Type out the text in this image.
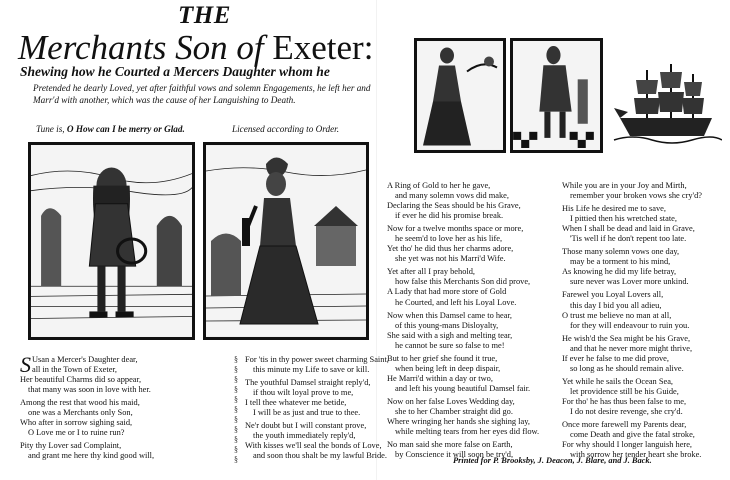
THE
Merchants Son of Exeter:
Shewing how he Courted a Mercers Daughter whom he
Pretended he dearly Loved, yet after faithful vows and solemn Engagements, he left her and Marr'd with another, which was the cause of her Languishing to Death.
Tune is, O How can I be merry or Glad.	Licensed according to Order.
S Usan a Mercer's Daughter dear,
all in the Town of Exeter,
Her beautiful Charms did so appear,
that many was soon in love with her.

Among the rest that wood his maid,
one was a Merchants only Son,
Who after in sorrow sighing said,
O Love me or I to ruine run?

Pity thy Lover sad Complaint,
and grant me here thy kind good will,

§
§
§
§
§
§
§
§
§
§
§

For 'tis in thy power sweet charming Saint,
this minute my Life to save or kill.

The youthful Damsel straight reply'd,
if thou wilt loyal prove to me,
I tell thee whatever me betide,
I will be as just and true to thee.

Ne'r doubt but I will constant prove,
the youth immediately reply'd,
With kisses we'll seal the bonds of Love,
and soon thou shalt be my lawful Bride.

A Ring of Gold to her he gave,
and many solemn vows did make,
Declaring the Seas should be his Grave,
if ever he did his promise break.

Now for a twelve months space or more,
he seem'd to love her as his life,
Yet tho' he did thus her charms adore,
she yet was not his Marri'd Wife.

Yet after all I pray behold,
how false this Merchants Son did prove,
A Lady that had more store of Gold
he Courted, and left his Loyal Love.

Now when this Damsel came to hear,
of this young-mans Disloyalty,
She said with a sigh and melting tear,
he cannot be sure so false to me!

But to her grief she found it true,
when being left in deep dispair,
He Marri'd within a day or two,
and left his young beautiful Damsel fair.

Now on her false Loves Wedding day,
she to her Chamber straight did go.
Where wringing her hands she sighing lay,
while melting tears from her eyes did flow.

No man said she more false on Earth,
by Conscience it will soon be try'd,

While you are in your Joy and Mirth,
remember your broken vows she cry'd?

His Life he desired me to save,
I pittied then his wretched state,
When I shall be dead and laid in Grave,
'Tis well if he don't repent too late.

Those many solemn vows one day,
may be a torment to his mind,
As knowing he did my life betray,
sure never was Lover more unkind.

Farewel you Loyal Lovers all,
this day I bid you all adieu,
O trust me believe no man at all,
for they will endeavour to ruin you.

He wish'd the Sea might be his Grave,
and that he never more might thrive,
If ever he false to me did prove,
so long as he should remain alive.

Yet while he sails the Ocean Sea,
let providence still be his Guide,
For tho' he has thus been false to me,
I do not desire revenge, she cry'd.

Once more farewell my Parents dear,
come Death and give the fatal stroke,
For why should I longer languish here,
with sorrow her tender heart she broke.

Printed for P. Brooksby, J. Deacon, J. Blare, and J. Back.
